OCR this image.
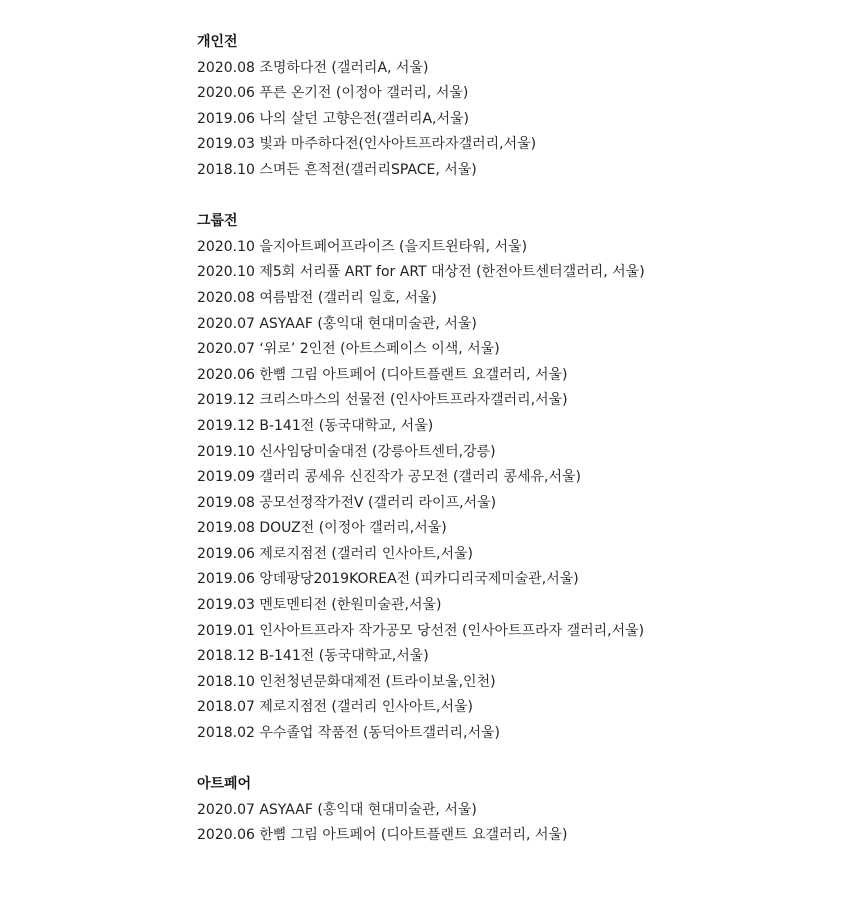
개인전
2020.08 조명하다전 (갤러리A, 서울)
2020.06 푸른 온기전 (이정아 갤러리, 서울)
2019.06 나의 살던 고향은전(갤러리A,서울)
2019.03 빛과 마주하다전(인사아트프라자갤러리,서울)
2018.10 스며든 흔적전(갤러리SPACE, 서울)
그룹전
2020.10 을지아트페어프라이즈 (을지트윈타워, 서울)
2020.10 제5회 서리풀 ART for ART 대상전 (한전아트센터갤러리, 서울)
2020.08 여름밤전 (갤러리 일호, 서울)
2020.07 ASYAAF (홍익대 현대미술관, 서울)
2020.07 ‘위로’ 2인전 (아트스페이스 이색, 서울)
2020.06 한뼘 그림 아트페어 (디아트플랜트 요갤러리, 서울)
2019.12 크리스마스의 선물전 (인사아트프라자갤러리,서울)
2019.12 B-141전 (동국대학교, 서울)
2019.10 신사임당미술대전 (강릉아트센터,강릉)
2019.09 갤러리 콩세유 신진작가 공모전 (갤러리 콩세유,서울)
2019.08 공모선정작가전V (갤러리 라이프,서울)
2019.08 DOUZ전 (이정아 갤러리,서울)
2019.06 제로지점전 (갤러리 인사아트,서울)
2019.06 앙데팡당2019KOREA전 (피카디리국제미술관,서울)
2019.03 멘토멘티전 (한원미술관,서울)
2019.01 인사아트프라자 작가공모 당선전 (인사아트프라자 갤러리,서울)
2018.12 B-141전 (동국대학교,서울)
2018.10 인천청년문화대제전 (트라이보울,인천)
2018.07 제로지점전 (갤러리 인사아트,서울)
2018.02 우수졸업 작품전 (동덕아트갤러리,서울)
아트페어
2020.07 ASYAAF (홍익대 현대미술관, 서울)
2020.06 한뼘 그림 아트페어 (디아트플랜트 요갤러리, 서울)
